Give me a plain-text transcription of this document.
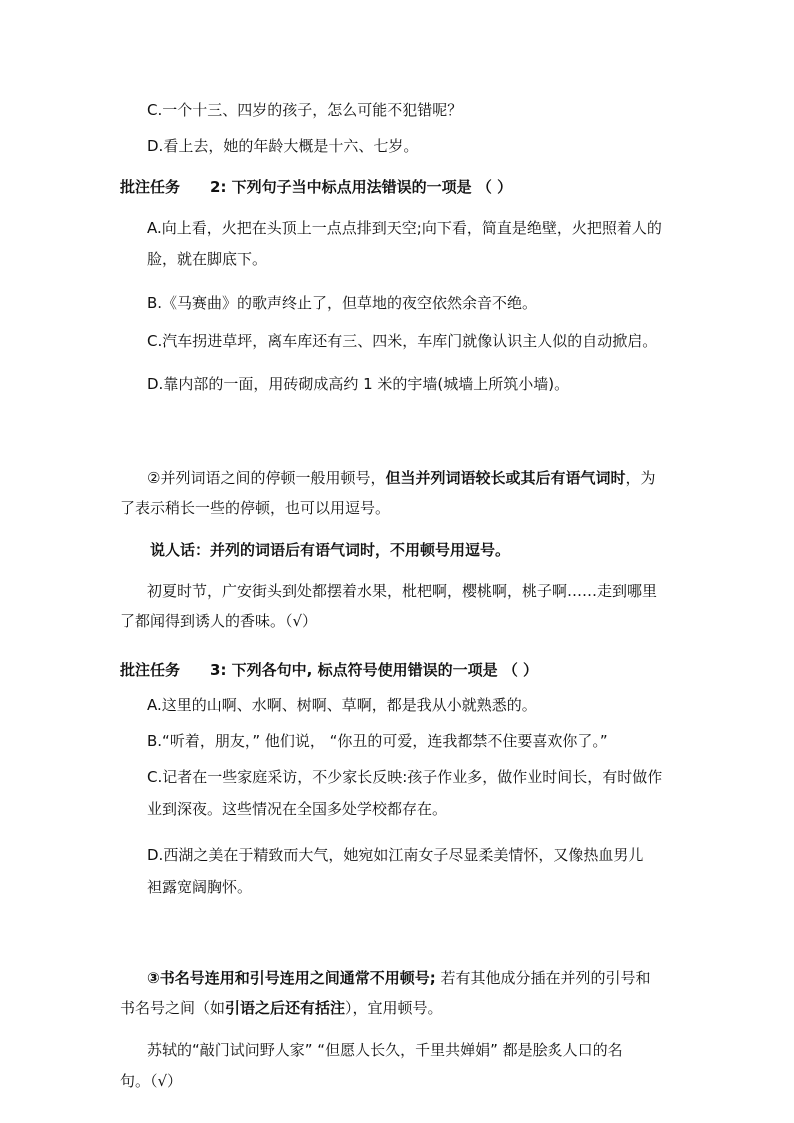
C.一个十三、四岁的孩子，怎么可能不犯错呢？
D.看上去，她的年龄大概是十六、七岁。
批注任务 2: 下列句子当中标点用法错误的一项是 （ ）
A.向上看，火把在头顶上一点点排到天空;向下看，简直是绝壁，火把照着人的
脸，就在脚底下。
B.《马赛曲》的歌声终止了，但草地的夜空依然余音不绝。
C.汽车拐进草坪，离车库还有三、四米，车库门就像认识主人似的自动掀启。
D.靠内部的一面，用砖砌成高约 1 米的宇墙(城墙上所筑小墙)。
②并列词语之间的停顿一般用顿号，但当并列词语较长或其后有语气词时，为
了表示稍长一些的停顿，也可以用逗号。
说人话：并列的词语后有语气词时，不用顿号用逗号。
初夏时节，广安街头到处都摆着水果，枇杷啊，樱桃啊，桃子啊……走到哪里
了都闻得到诱人的香味。（√）
批注任务 3: 下列各句中, 标点符号使用错误的一项是 （ ）
A.这里的山啊、水啊、树啊、草啊，都是我从小就熟悉的。
B.“听着，朋友，” 他们说， “你丑的可爱，连我都禁不住要喜欢你了。”
C.记者在一些家庭采访，不少家长反映:孩子作业多，做作业时间长，有时做作
业到深夜。这些情况在全国多处学校都存在。
D.西湖之美在于精致而大气，她宛如江南女子尽显柔美情怀，又像热血男儿
袒露宽阔胸怀。
③书名号连用和引号连用之间通常不用顿号; 若有其他成分插在并列的引号和
书名号之间（如引语之后还有括注），宜用顿号。
苏轼的“敲门试问野人家” “但愿人长久，千里共婵娟” 都是脍炙人口的名
句。（√）
